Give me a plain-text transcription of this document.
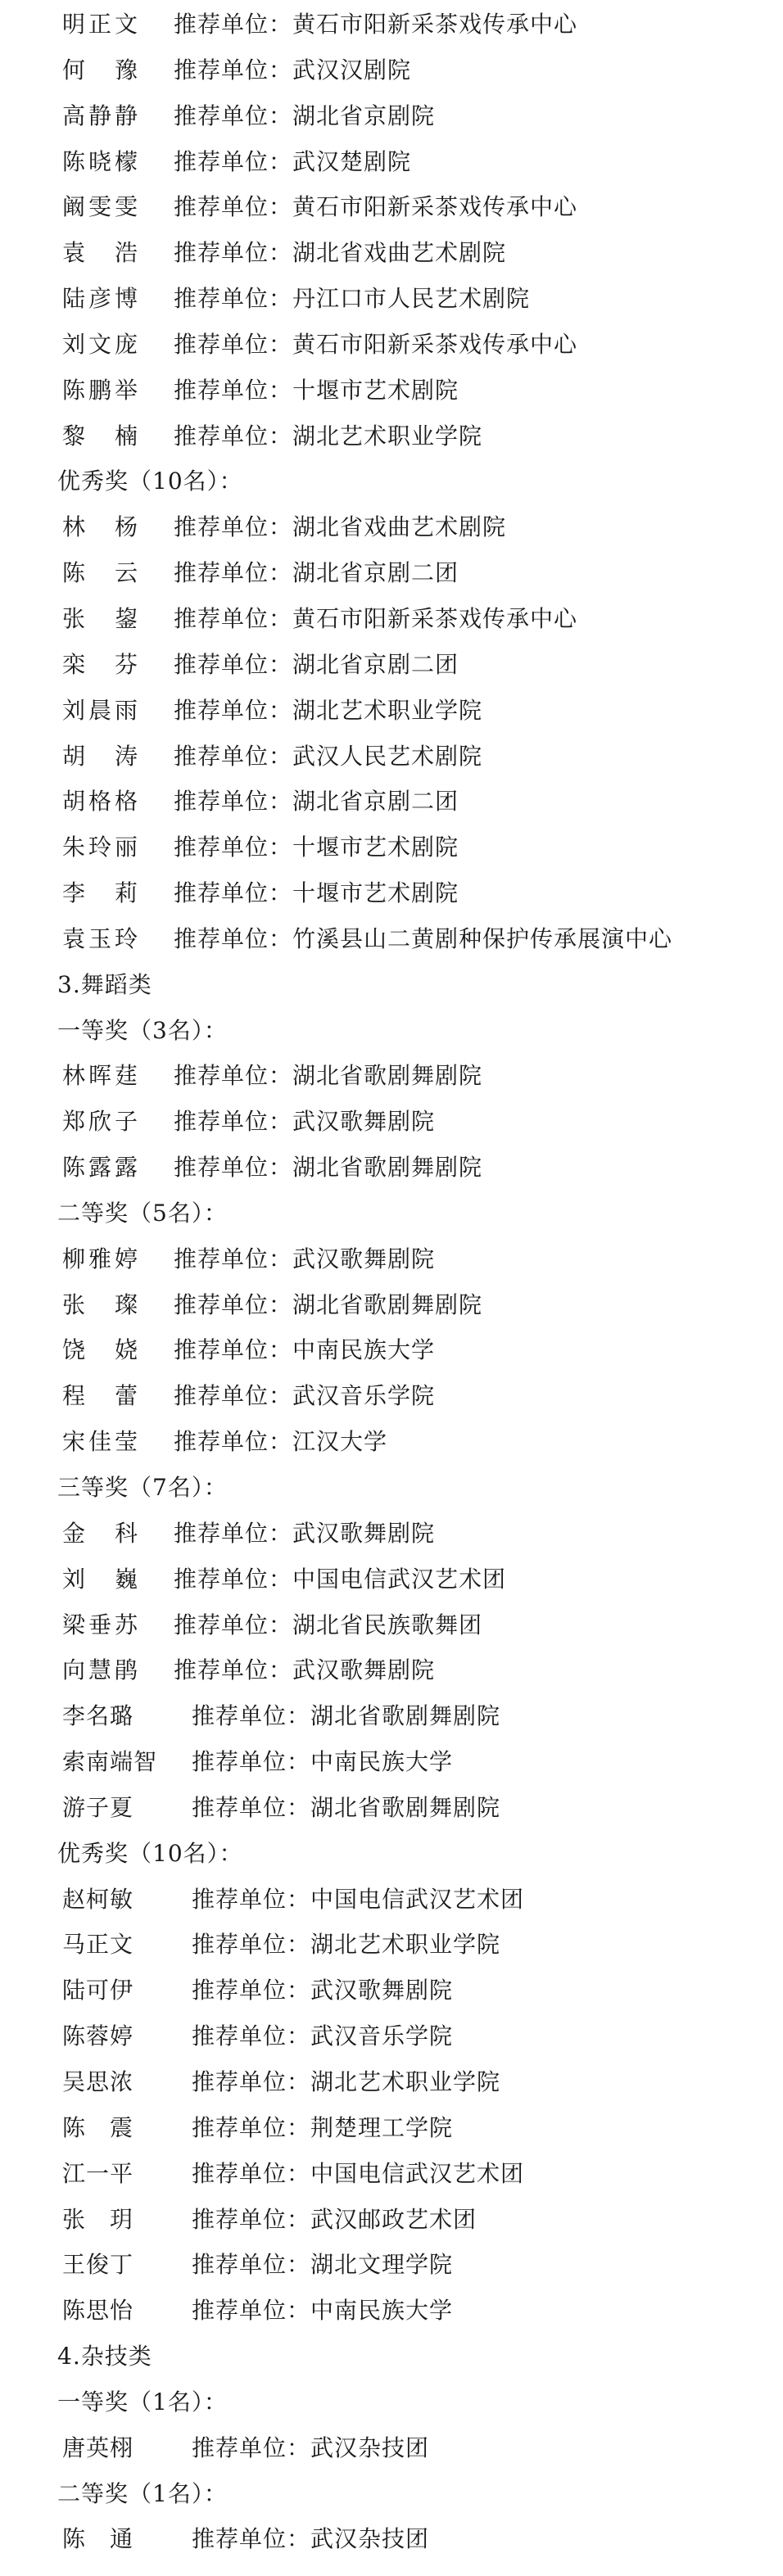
明正文 推荐单位：黄石市阳新采茶戏传承中心
何　豫 推荐单位：武汉汉剧院
高静静 推荐单位：湖北省京剧院
陈晓檬 推荐单位：武汉楚剧院
阚雯雯 推荐单位：黄石市阳新采茶戏传承中心
袁　浩 推荐单位：湖北省戏曲艺术剧院
陆彦博 推荐单位：丹江口市人民艺术剧院
刘文庞 推荐单位：黄石市阳新采茶戏传承中心
陈鹏举 推荐单位：十堰市艺术剧院
黎　楠 推荐单位：湖北艺术职业学院
优秀奖（10名）：
林　杨 推荐单位：湖北省戏曲艺术剧院
陈　云 推荐单位：湖北省京剧二团
张　鋆 推荐单位：黄石市阳新采茶戏传承中心
栾　芬 推荐单位：湖北省京剧二团
刘晨雨 推荐单位：湖北艺术职业学院
胡　涛 推荐单位：武汉人民艺术剧院
胡格格 推荐单位：湖北省京剧二团
朱玲丽 推荐单位：十堰市艺术剧院
李　莉 推荐单位：十堰市艺术剧院
袁玉玲 推荐单位：竹溪县山二黄剧种保护传承展演中心
3.舞蹈类
一等奖（3名）：
林晖莛 推荐单位：湖北省歌剧舞剧院
郑欣子 推荐单位：武汉歌舞剧院
陈露露 推荐单位：湖北省歌剧舞剧院
二等奖（5名）：
柳雅婷 推荐单位：武汉歌舞剧院
张　璨 推荐单位：湖北省歌剧舞剧院
饶　娆 推荐单位：中南民族大学
程　蕾 推荐单位：武汉音乐学院
宋佳莹 推荐单位：江汉大学
三等奖（7名）：
金　科 推荐单位：武汉歌舞剧院
刘　巍 推荐单位：中国电信武汉艺术团
梁垂苏 推荐单位：湖北省民族歌舞团
向慧鹃 推荐单位：武汉歌舞剧院
李名璐	推荐单位：湖北省歌剧舞剧院
索南端智 推荐单位：中南民族大学
游子夏	推荐单位：湖北省歌剧舞剧院
优秀奖（10名）：
赵柯敏	推荐单位：中国电信武汉艺术团
马正文	推荐单位：湖北艺术职业学院
陆可伊	推荐单位：武汉歌舞剧院
陈蓉婷	推荐单位：武汉音乐学院
吴思浓	推荐单位：湖北艺术职业学院
陈　震	推荐单位：荆楚理工学院
江一平	推荐单位：中国电信武汉艺术团
张　玥	推荐单位：武汉邮政艺术团
王俊丁	推荐单位：湖北文理学院
陈思怡	推荐单位：中南民族大学
4.杂技类
一等奖（1名）：
唐英栩	推荐单位：武汉杂技团
二等奖（1名）：
陈　通	推荐单位：武汉杂技团
